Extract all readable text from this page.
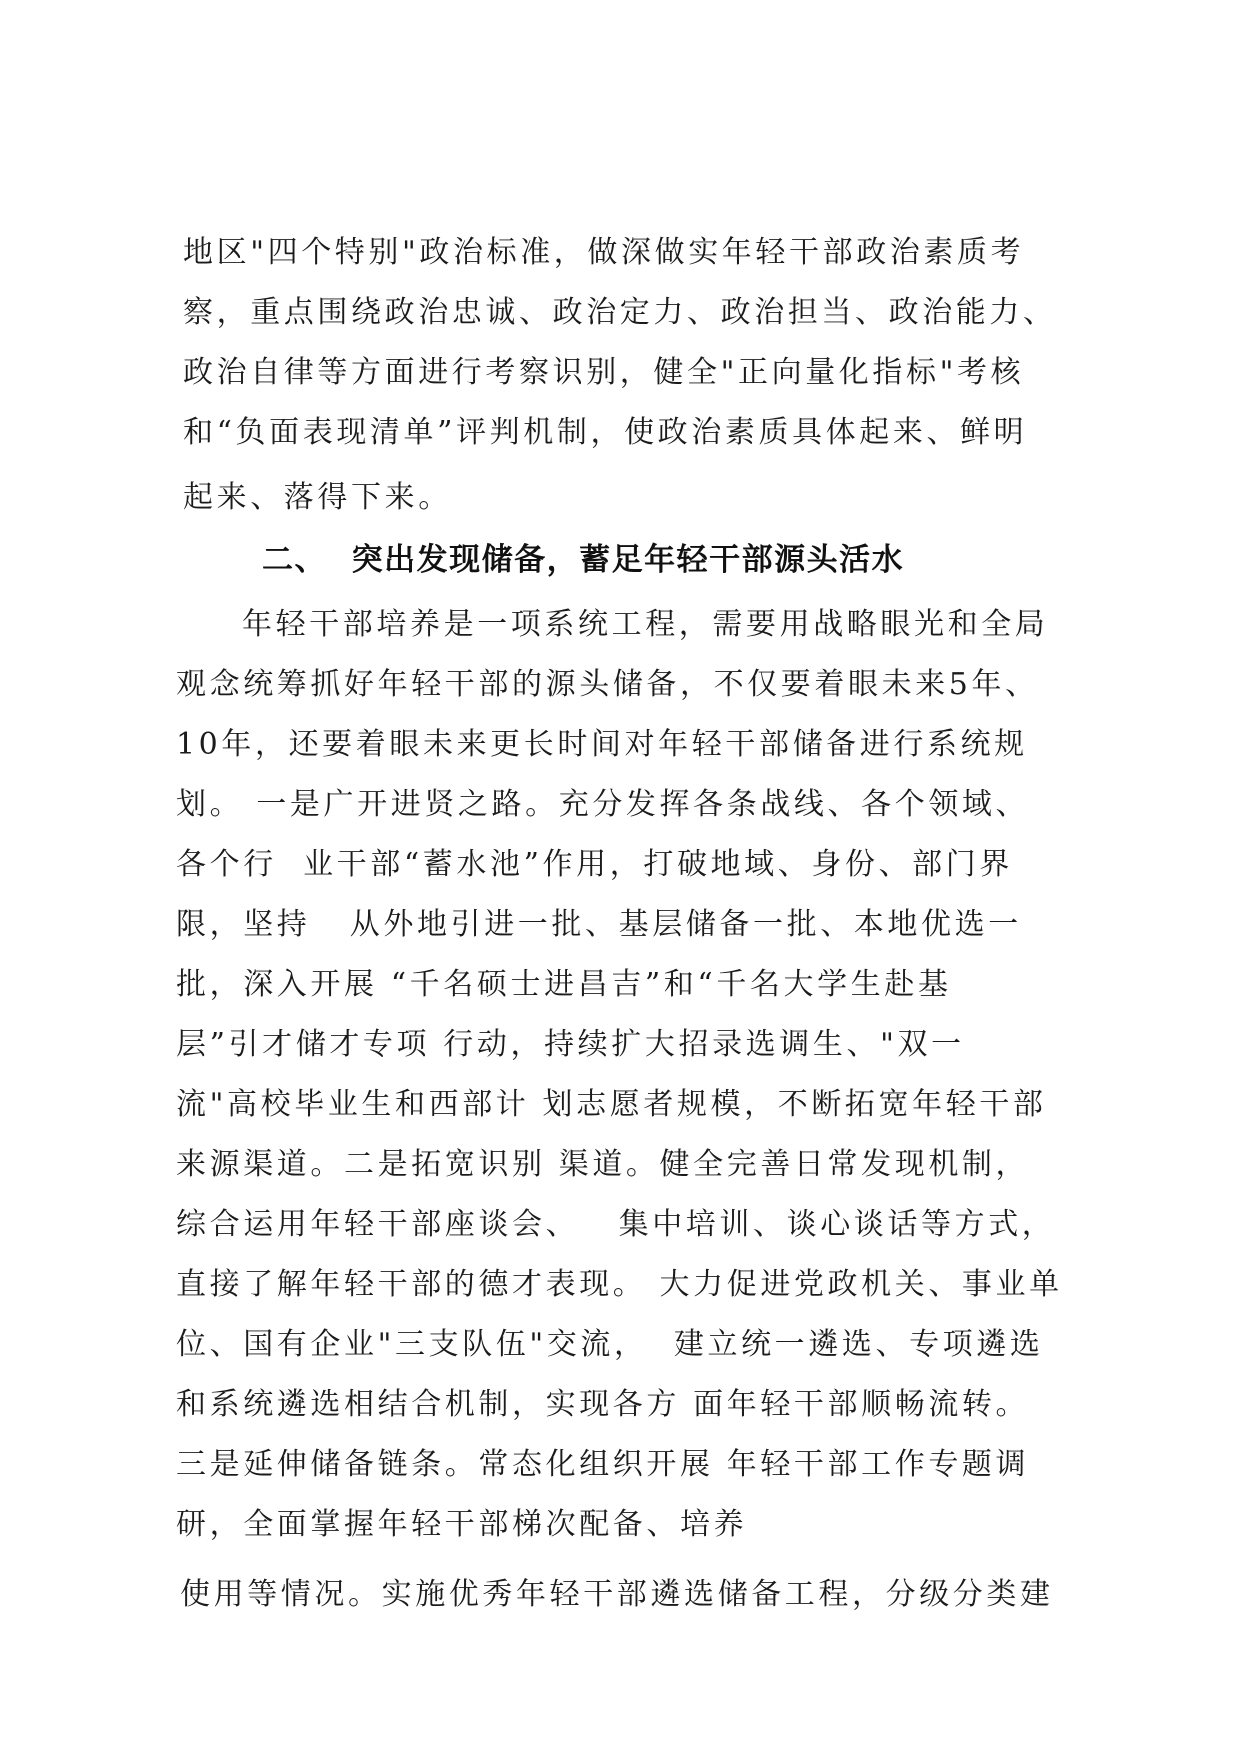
地区"四个特别"政治标准，做深做实年轻干部政治素质考
察，重点围绕政治忠诚、政治定力、政治担当、政治能力、
政治自律等方面进行考察识别，健全"正向量化指标"考核
和“负面表现清单”评判机制，使政治素质具体起来、鲜明
起来、落得下来。
二、  突出发现储备，蓄足年轻干部源头活水
年轻干部培养是一项系统工程，需要用战略眼光和全局
观念统筹抓好年轻干部的源头储备，不仅要着眼未来5年、
10年，还要着眼未来更长时间对年轻干部储备进行系统规
划。 一是广开进贤之路。充分发挥各条战线、各个领域、
各个行  业干部“蓄水池”作用，打破地域、身份、部门界
限，坚持   从外地引进一批、基层储备一批、本地优选一
批，深入开展 “千名硕士进昌吉”和“千名大学生赴基
层”引才储才专项 行动，持续扩大招录选调生、"双一
流"高校毕业生和西部计 划志愿者规模，不断拓宽年轻干部
来源渠道。二是拓宽识别 渠道。健全完善日常发现机制，
综合运用年轻干部座谈会、   集中培训、谈心谈话等方式，
直接了解年轻干部的德才表现。 大力促进党政机关、事业单
位、国有企业"三支队伍"交流，  建立统一遴选、专项遴选
和系统遴选相结合机制，实现各方 面年轻干部顺畅流转。
三是延伸储备链条。常态化组织开展 年轻干部工作专题调
研，全面掌握年轻干部梯次配备、培养
使用等情况。实施优秀年轻干部遴选储备工程，分级分类建
